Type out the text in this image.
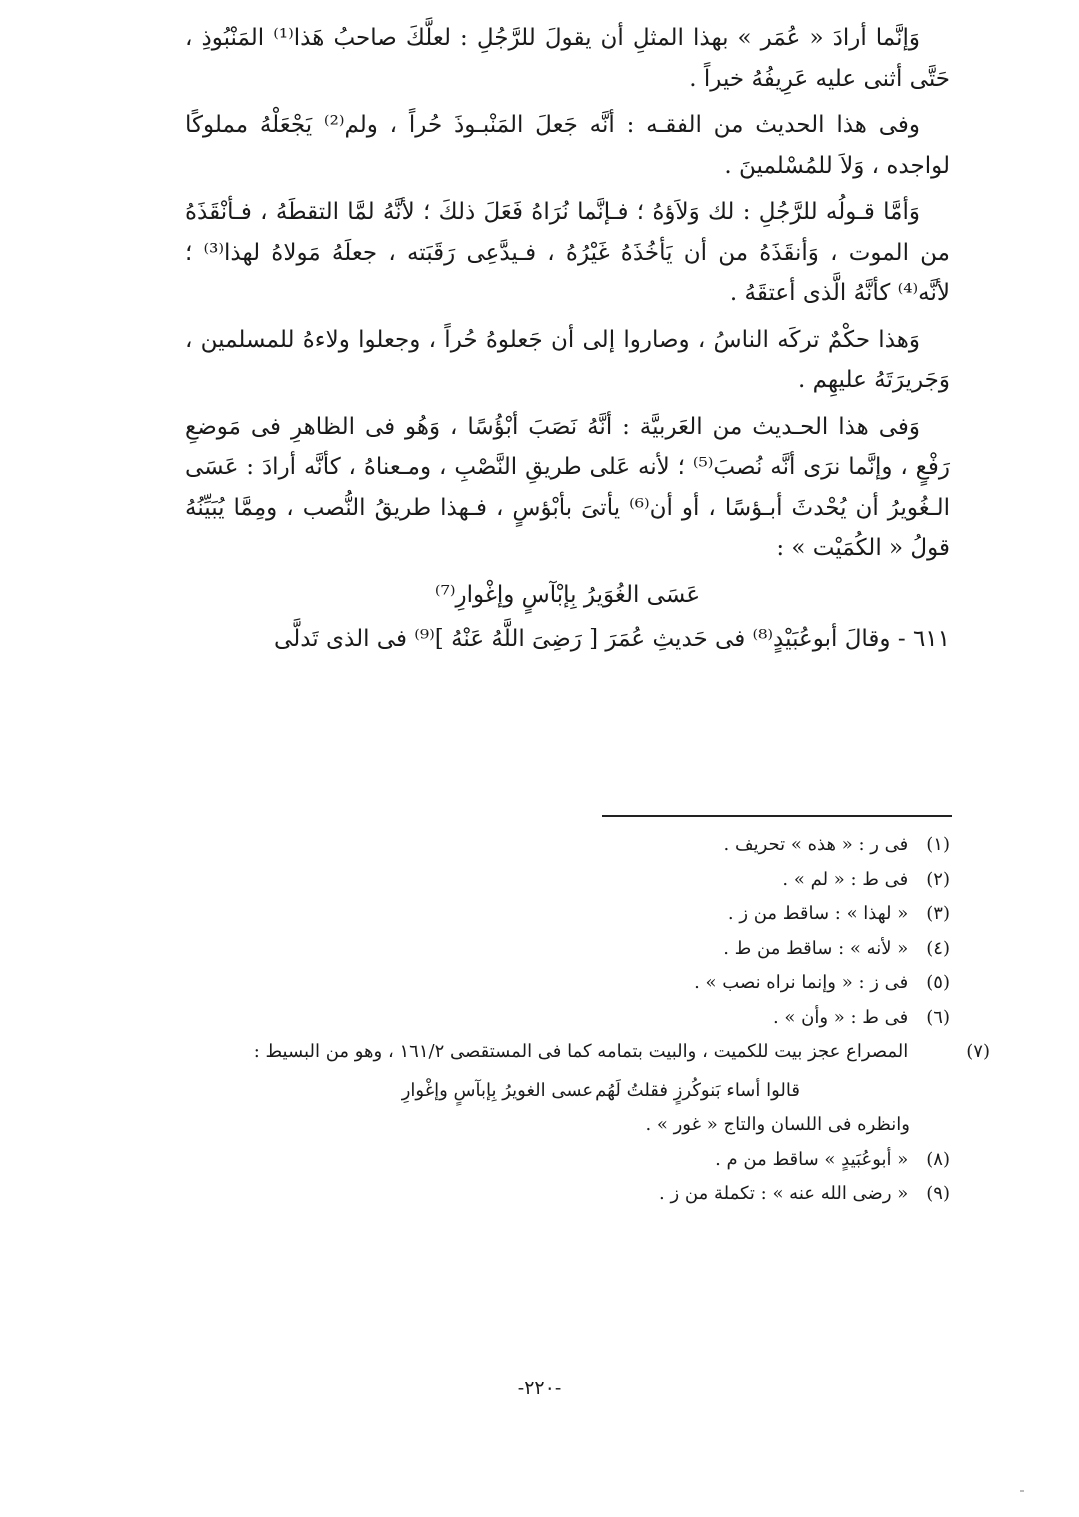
وَإنَّما أرادَ « عُمَر » بهذا المثلِ أن يقولَ للرَّجُلِ : لعلَّكَ صاحبُ هَذا⁽¹⁾ المَنْبُوذِ ، حَتَّى أثنى عليه عَرِيفُهُ خيراً .

وفى هذا الحديث من الفقـه : أنَّه جَعلَ المَنْبـوذَ حُراً ، ولم⁽²⁾ يَجْعَلْهُ مملوكًا لواجده ، وَلاَ للمُسْلمينَ .

وَأمَّا قـولُه للرَّجُلِ : لك وَلاَؤهُ ؛ فـإنَّما نُرَاهُ فَعَلَ ذلكَ ؛ لأنَّهُ لمَّا التقطَهُ ، فـأنْقَذَهُ من الموت ، وَأنقَذَهُ من أن يَأخُذَهُ غَيْرُهُ ، فـيدَّعِى رَقَبَته ، جعلَهُ مَولاهُ لهذا⁽³⁾ ؛ لأنَّه⁽⁴⁾ كأنَّهُ الَّذى أعتقَهُ .

وَهذا حكْمٌ تركَه الناسُ ، وصاروا إلى أن جَعلوهُ حُراً ، وجعلوا ولاءهُ للمسلمين ، وَجَريرَتَهُ عليهِم .

وَفى هذا الحـديث من العَربيَّة : أنَّهُ نَصَبَ أبْؤُسًا ، وَهُو فى الظاهرِ فى مَوضعِ رَفْعٍ ، وإنَّما نرَى أنَّه نُصبَ⁽⁵⁾ ؛ لأنه عَلى طريقِ النَّصْبِ ، ومـعناهُ ، كأنَّه أرادَ : عَسَى الـغُويرُ أن يُحْدثَ أبـؤسًا ، أو أن⁽⁶⁾ يأتىَ بأبْؤسٍ ، فـهذا طريقُ النُّصب ، ومِمَّا يُبَيِّنُهُ قولُ « الكُمَيْت » :

عَسَى الغُوَيرُ بِإبْآسٍ وإغْوارِ⁽⁷⁾

٦١١ - وقالَ أبوعُبَيْدٍ⁽⁸⁾ فى حَديثِ عُمَرَ [ رَضِىَ اللَّهُ عَنْهُ ]⁽⁹⁾ فى الذى تَدلَّى

(١) فى ر : « هذه » تحريف .

(٢) فى ط : « لم » .

(٣) « لهذا » : ساقط من ز .

(٤) « لأنه » : ساقط من ط .

(٥) فى ز : « وإنما نراه نصب » .

(٦) فى ط : « وأن » .

(٧) المصراع عجز بيت للكميت ، والبيت بتمامه كما فى المستقصى ١٦١/٢ ، وهو من البسيط :
قالوا أساء بَنوكُرزٍ فقلتُ لَهُم
عسى الغويرُ بِإبآسٍ وإغْوارِ
وانظره فى اللسان والتاج « غور » .

(٨) « أبوعُبَيدٍ » ساقط من م .

(٩) « رضى الله عنه » : تكملة من ز .

-٢٢٠-
